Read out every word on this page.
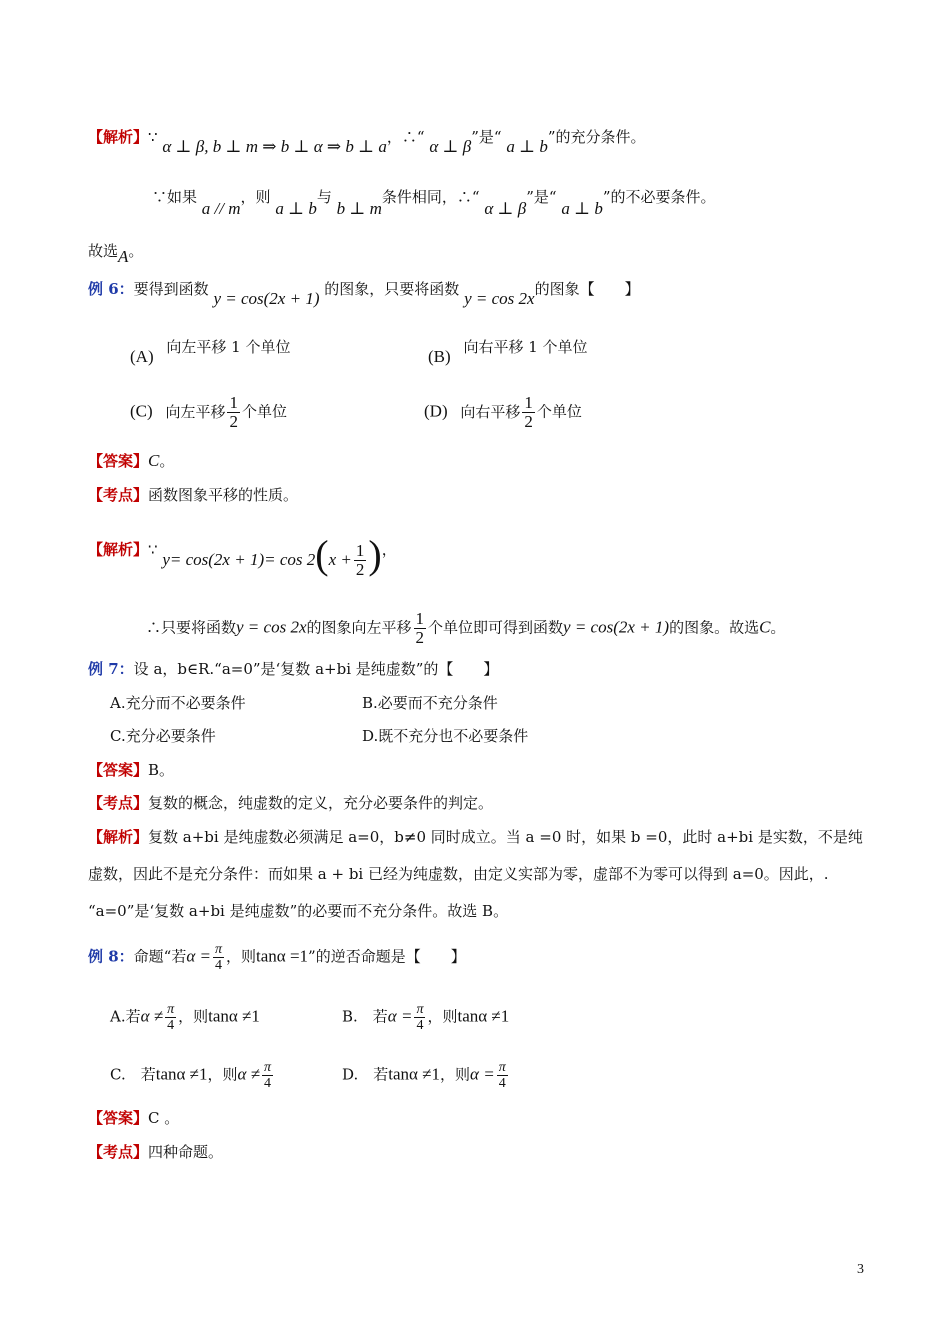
【解析】∵ α ⊥ β, b ⊥ m ⇒ b ⊥ α ⇒ b ⊥ a，∴“ α ⊥ β”是“ a ⊥ b”的充分条件。
∵如果 a // m，则 a ⊥ b与 b ⊥ m条件相同，∴“ α ⊥ β”是“ a ⊥ b”的不必要条件。
故选A。
例 6：要得到函数 y = cos(2x + 1) 的图象，只要将函数 y = cos 2x的图象【　　】
(A) 向左平移 1 个单位	(B) 向右平移 1 个单位
(C) 向左平移 $\frac{1}{2}$ 个单位	(D) 向右平移 $\frac{1}{2}$ 个单位
【答案】C。
【考点】函数图象平移的性质。
【解析】∵ $y= \cos(2x + 1)= \cos 2(x + \frac{1}{2}$ )，
∴只要将函数y = cos 2x的图象向左平移 $\frac{1}{2}$ 个单位即可得到函数y = cos(2x + 1)的图象。故选C。
例 7：设 a，b∈R.“a=0”是‘复数 a+bi 是纯虚数”的【　　】
A.充分而不必要条件	B.必要而不充分条件
C.充分必要条件	D.既不充分也不必要条件
【答案】B。
【考点】复数的概念，纯虚数的定义，充分必要条件的判定。
【解析】复数 a+bi 是纯虚数必须满足 a=0，b≠0 同时成立。当 a =0 时，如果 b =0，此时 a+bi 是实数，不是纯
虚数，因此不是充分条件：而如果 a + bi 已经为纯虚数，由定义实部为零，虚部不为零可以得到 a=0。因此，.
“a=0”是‘复数 a+bi 是纯虚数”的必要而不充分条件。故选 B。
例 8：命题“若$\alpha = \frac{\pi}{4}$ ，则tanα =1”的逆否命题是【　　】
A.若$\alpha \ne \frac{\pi}{4}$ ，则tanα ≠1	B.　若$\alpha = \frac{\pi}{4}$ ，则tanα ≠1
C.　若tanα ≠1，则$\alpha \ne \frac{\pi}{4}$	D.　若tanα ≠1，则$\alpha = \frac{\pi}{4}$
【答案】C 。
【考点】四种命题。
3
